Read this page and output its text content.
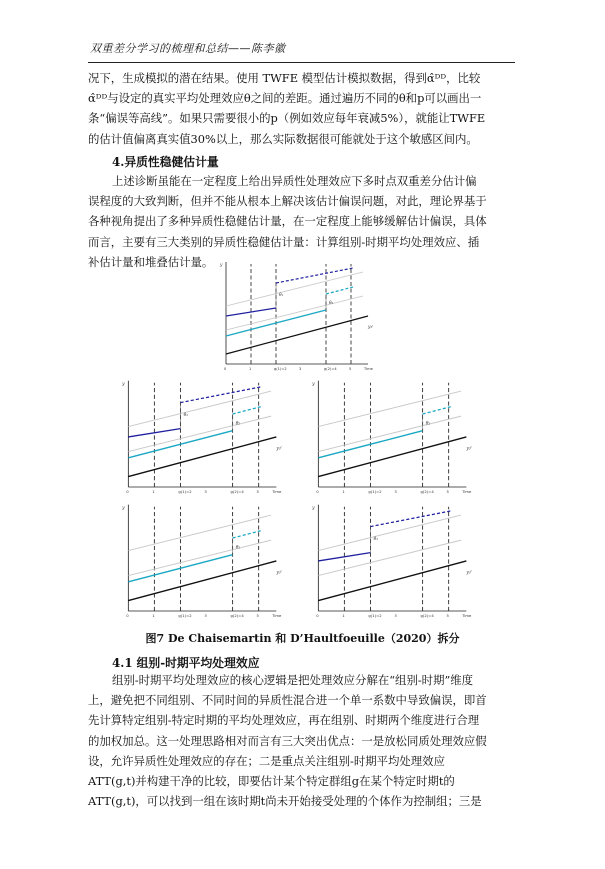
双重差分学习的梳理和总结——陈李徽
况下，生成模拟的潜在结果。使用 TWFE 模型估计模拟数据，得到α̂ᴰᴰ，比较
α̂ᴰᴰ与设定的真实平均处理效应θ之间的差距。通过遍历不同的θ和p可以画出一
条“偏误等高线”。如果只需要很小的p（例如效应每年衰减5%），就能让TWFE
的估计值偏离真实值30%以上，那么实际数据很可能就处于这个敏感区间内。
4.异质性稳健估计量
上述诊断虽能在一定程度上给出异质性处理效应下多时点双重差分估计偏
误程度的大致判断，但并不能从根本上解决该估计偏误问题，对此，理论界基于
各种视角提出了多种异质性稳健估计量，在一定程度上能够缓解估计偏误，具体
而言，主要有三大类别的异质性稳健估计量：计算组别-时期平均处理效应、插
补估计量和堆叠估计量。	y
Time
0	1	g(1)=2	3	g(2)=4	5
y₃ᵗ
θ₂
θ₁
y
Time
0	1	g(1)=2	3	g(2)=4	5
y₃ᵗ
θ₂
θ₁
y
Time
0	1	g(1)=2	3	g(2)=4	5
y₃ᵗ
θ₂
y
Time
0	1	g(1)=2	3	g(2)=4	5
y₃ᵗ
θ₂
y
Time
0	1	g(1)=2	3	g(2)=4	5
y₃ᵗ
θ₁
图7 De Chaisemartin 和 D’Haultfoeuille（2020）拆分
4.1 组别-时期平均处理效应
组别-时期平均处理效应的核心逻辑是把处理效应分解在“组别-时期”维度
上，避免把不同组别、不同时间的异质性混合进一个单一系数中导致偏误，即首
先计算特定组别-特定时期的平均处理效应，再在组别、时期两个维度进行合理
的加权加总。这一处理思路相对而言有三大突出优点：一是放松同质处理效应假
设，允许异质性处理效应的存在；二是重点关注组别-时期平均处理效应
ATT(g,t)并构建干净的比较，即要估计某个特定群组g在某个特定时期t的
ATT(g,t)，可以找到一组在该时期t尚未开始接受处理的个体作为控制组；三是
